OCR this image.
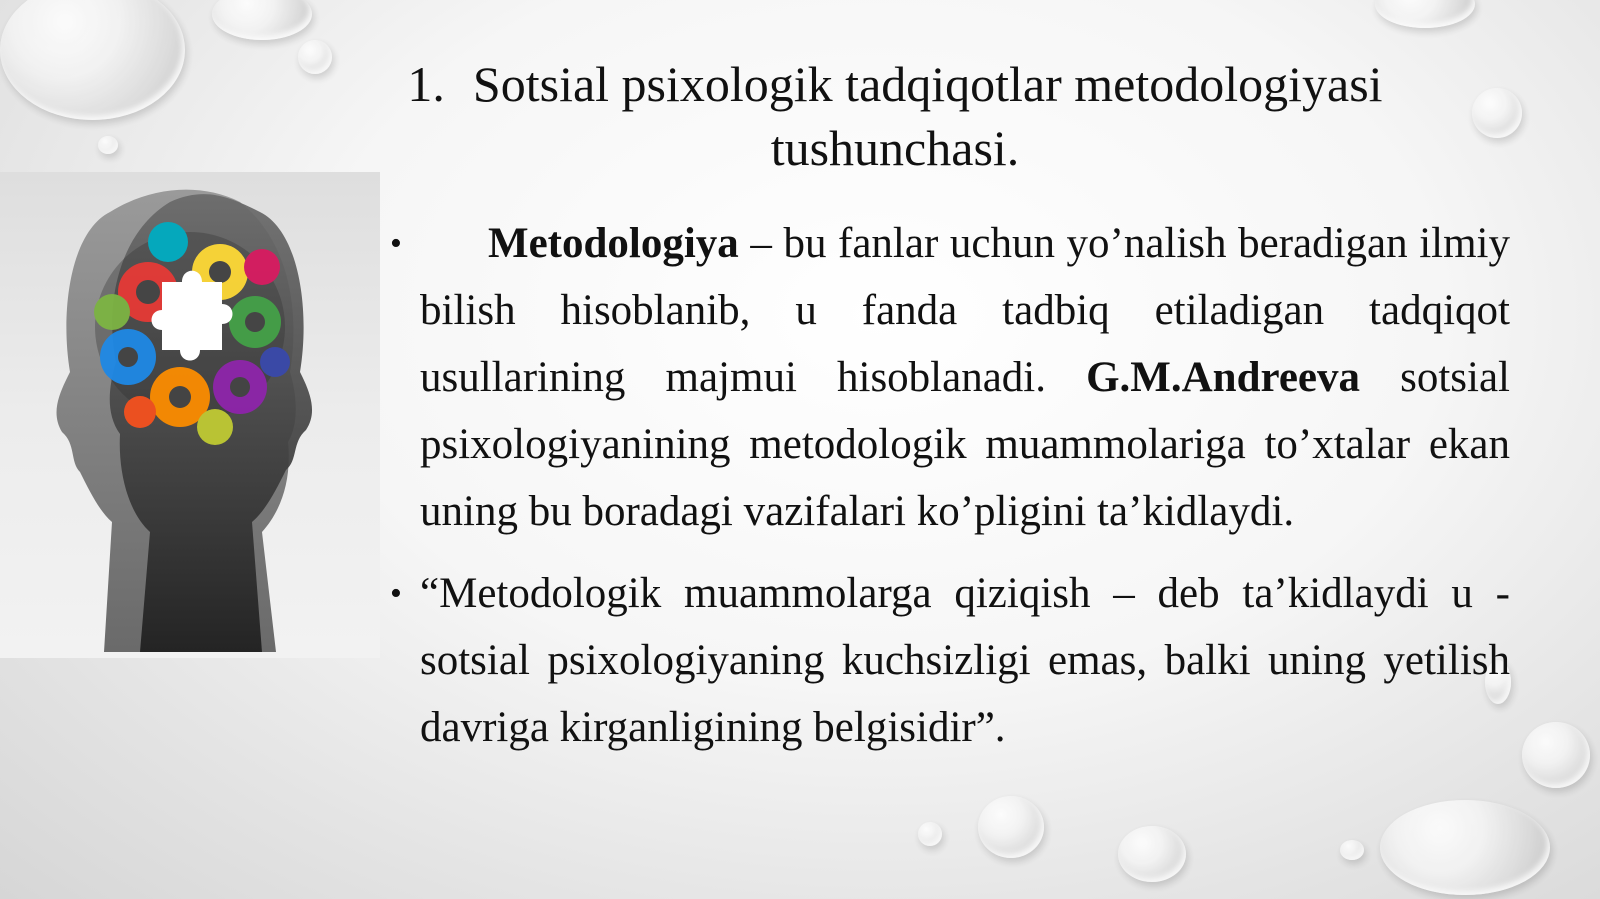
1. Sotsial psixologik tadqiqotlar metodologiyasi tushunchasi.

• Metodologiya – bu fanlar uchun yo’nalish beradigan ilmiy bilish hisoblanib, u fanda tadbiq etiladigan tadqiqot usullarining majmui hisoblanadi. G.M.Andreeva sotsial psixologiyanining metodologik muammolariga to’xtalar ekan uning bu boradagi vazifalari ko’pligini ta’kidlaydi.

• “Metodologik muammolarga qiziqish – deb ta’kidlaydi u - sotsial psixologiyaning kuchsizligi emas, balki uning yetilish davriga kirganligining belgisidir”.
